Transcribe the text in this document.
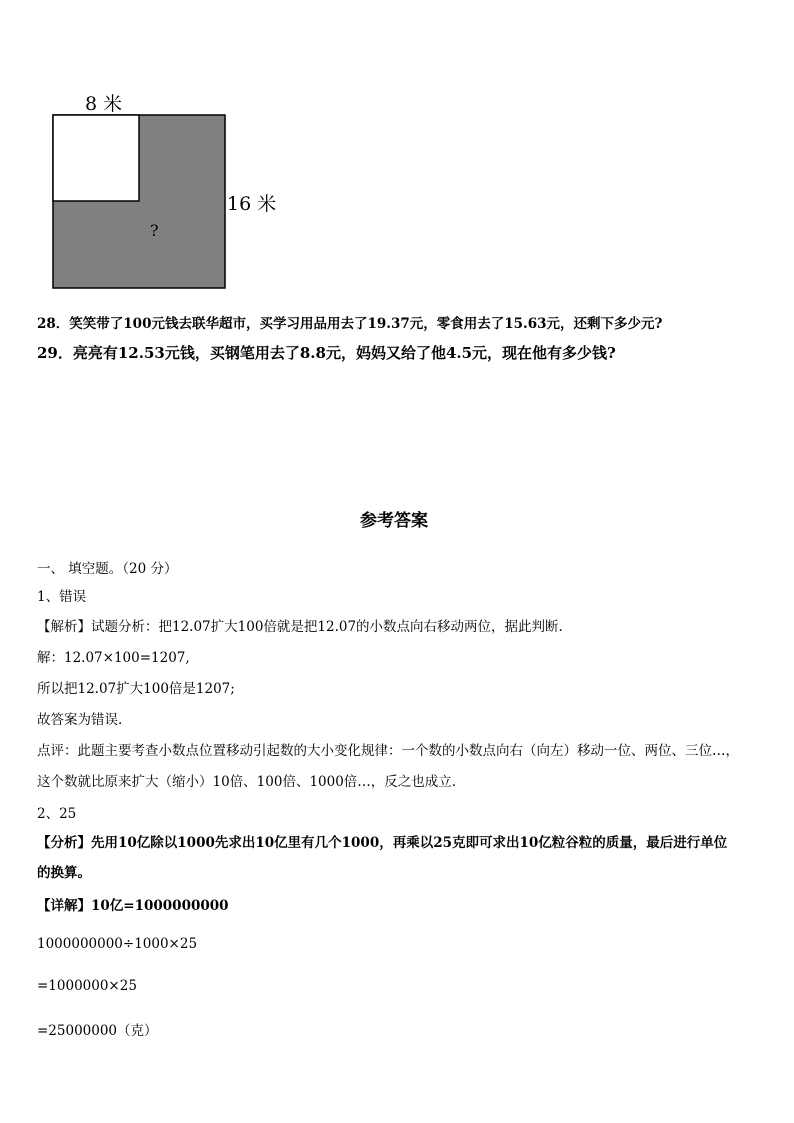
8 米
16 米
?
28．笑笑带了100元钱去联华超市，买学习用品用去了19.37元，零食用去了15.63元，还剩下多少元?
29．亮亮有12.53元钱，买钢笔用去了8.8元，妈妈又给了他4.5元，现在他有多少钱?
参考答案
一、 填空题。（20 分）
1、错误
【解析】试题分析：把12.07扩大100倍就是把12.07的小数点向右移动两位，据此判断.
解：12.07×100=1207,
所以把12.07扩大100倍是1207;
故答案为错误.
点评：此题主要考查小数点位置移动引起数的大小变化规律：一个数的小数点向右（向左）移动一位、两位、三位…，
这个数就比原来扩大（缩小）10倍、100倍、1000倍…，反之也成立.
2、25
【分析】先用10亿除以1000先求出10亿里有几个1000，再乘以25克即可求出10亿粒谷粒的质量，最后进行单位
的换算。
【详解】10亿=1000000000
1000000000÷1000×25
=1000000×25
=25000000（克）
